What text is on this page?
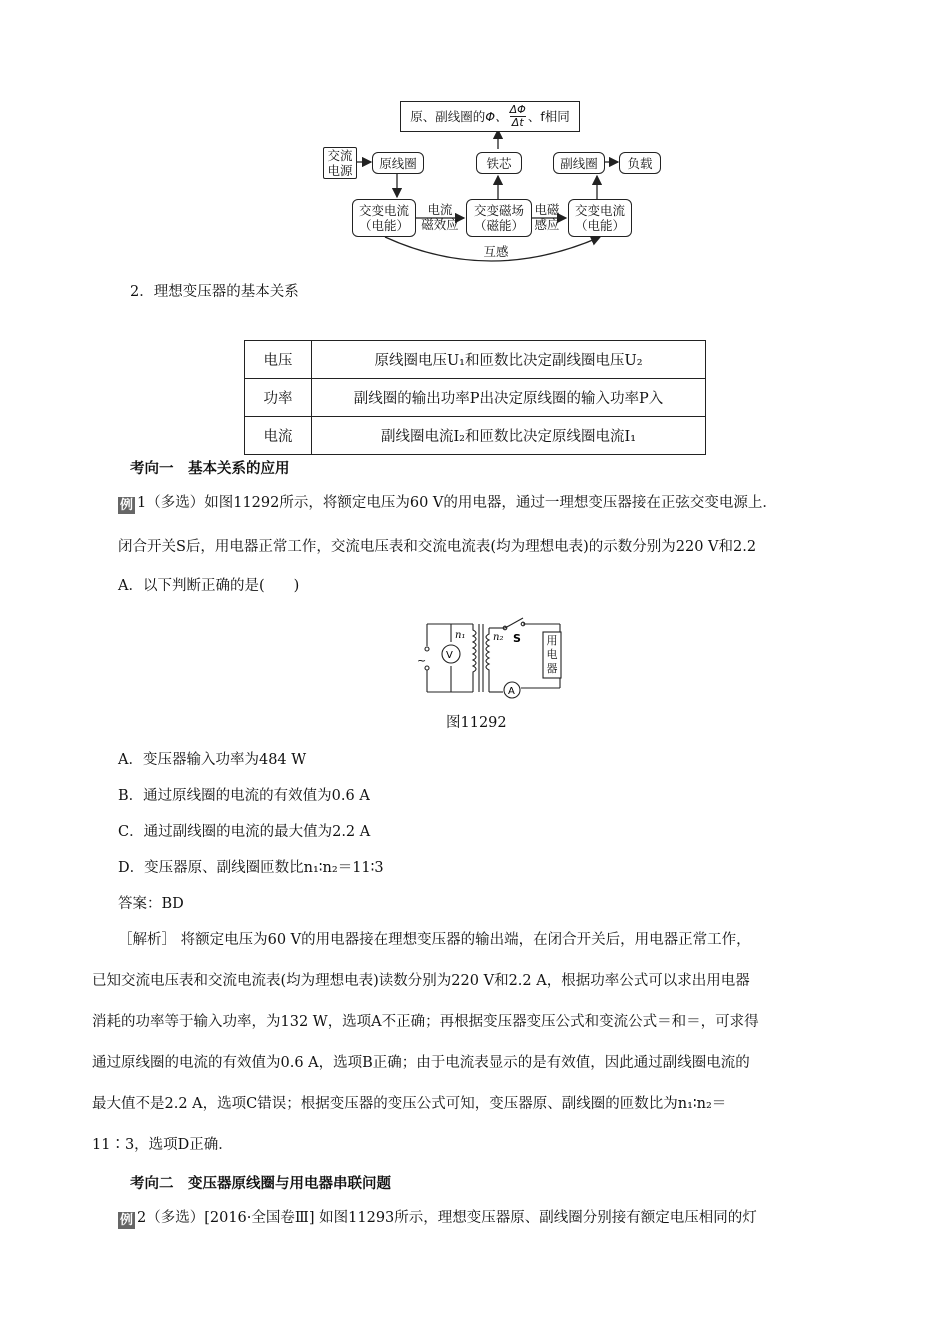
原、副线圈的 Φ、 $\frac{\Delta\Phi}{\Delta t}$ 、f相同
交流
电源 原线圈	铁芯	副线圈 负载
交变电流
（电能）
交变磁场
（磁能）
交变电流
（电能）
电流
磁效应
电磁
感应
互感
2．理想变压器的基本关系
电压	原线圈电压U₁和匝数比决定副线圈电压U₂
功率	副线圈的输出功率P出决定原线圈的输入功率P入
电流	副线圈电流I₂和匝数比决定原线圈电流I₁
考向一　基本关系的应用
例 1（多选）如图11292所示，将额定电压为60 V的用电器，通过一理想变压器接在正弦交变电源上．
闭合开关S后，用电器正常工作，交流电压表和交流电流表(均为理想电表)的示数分别为220 V和2.2
A．以下判断正确的是(　　)
V
A
n₁	n₂ S
~
用电器
图11292
A．变压器输入功率为484 W
B．通过原线圈的电流的有效值为0.6 A
C．通过副线圈的电流的最大值为2.2 A
D．变压器原、副线圈匝数比n₁∶n₂＝11∶3
答案：BD
［解析］ 将额定电压为60 V的用电器接在理想变压器的输出端，在闭合开关后，用电器正常工作，
已知交流电压表和交流电流表(均为理想电表)读数分别为220 V和2.2 A，根据功率公式可以求出用电器
消耗的功率等于输入功率，为132 W，选项A不正确；再根据变压器变压公式和变流公式＝和＝，可求得
通过原线圈的电流的有效值为0.6 A，选项B正确；由于电流表显示的是有效值，因此通过副线圈电流的
最大值不是2.2 A，选项C错误；根据变压器的变压公式可知，变压器原、副线圈的匝数比为n₁∶n₂＝
11∶3，选项D正确．
考向二　变压器原线圈与用电器串联问题
例 2（多选）[2016·全国卷Ⅲ] 如图11293所示，理想变压器原、副线圈分别接有额定电压相同的灯
